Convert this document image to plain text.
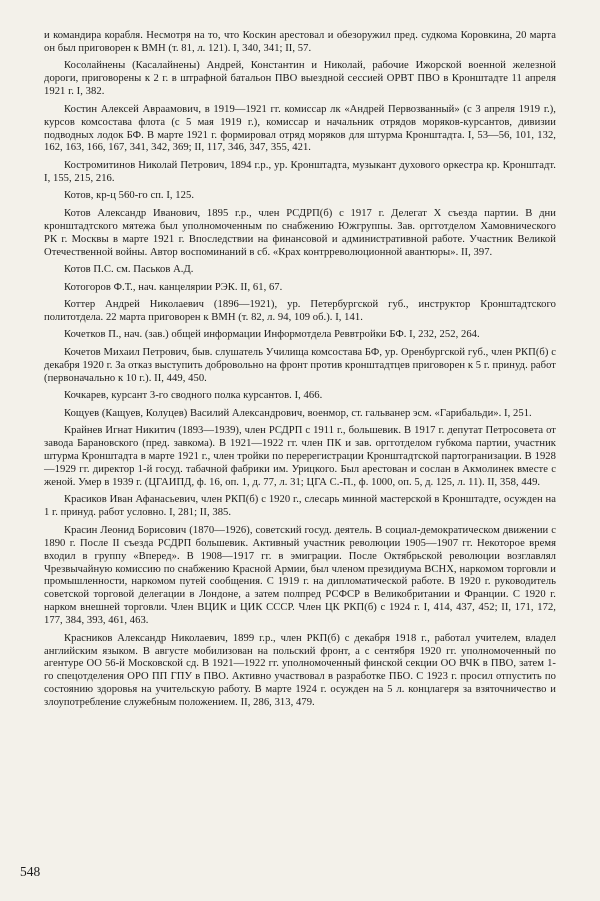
и командира корабля. Несмотря на то, что Коскин арестовал и обезоружил пред. судкома Коровкина, 20 марта он был приговорен к ВМН (т. 81, л. 121). I, 340, 341; II, 57.

Косолайнены (Касалайнены) Андрей, Константин и Николай, рабочие Ижорской военной железной дороги, приговорены к 2 г. в штрафной батальон ПВО выездной сессией ОРВТ ПВО в Кронштадте 11 апреля 1921 г. I, 382.

Костин Алексей Авраамович, в 1919—1921 гг. комиссар лк «Андрей Первозванный» (с 3 апреля 1919 г.), курсов комсостава флота (с 5 мая 1919 г.), комиссар и начальник отрядов моряков-курсантов, дивизии подводных лодок БФ. В марте 1921 г. формировал отряд моряков для штурма Кронштадта. I, 53—56, 101, 132, 162, 163, 166, 167, 341, 342, 369; II, 117, 346, 347, 355, 421.

Костромитинов Николай Петрович, 1894 г.р., ур. Кронштадта, музыкант духового оркестра кр. Кронштадт. I, 155, 215, 216.

Котов, кр-ц 560-го сп. I, 125.

Котов Александр Иванович, 1895 г.р., член РСДРП(б) с 1917 г. Делегат X съезда партии. В дни кронштадтского мятежа был уполномоченным по снабжению Южгруппы. Зав. оргготделом Хамовнического РК г. Москвы в марте 1921 г. Впоследствии на финансовой и административной работе. Участник Великой Отечественной войны. Автор воспоминаний в сб. «Крах контрреволюционной авантюры». II, 397.

Котов П.С. см. Паськов А.Д.

Котогоров Ф.Т., нач. канцелярии РЭК. II, 61, 67.

Коттер Андрей Николаевич (1896—1921), ур. Петербургской губ., инструктор Кронштадтского политотдела. 22 марта приговорен к ВМН (т. 82, л. 94, 109 об.). I, 141.

Кочетков П., нач. (зав.) общей информации Информотдела Реввтройки БФ. I, 232, 252, 264.

Кочетов Михаил Петрович, быв. слушатель Училища комсостава БФ, ур. Оренбургской губ., член РКП(б) с декабря 1920 г. За отказ выступить добровольно на фронт против кронштадтцев приговорен к 5 г. принуд. работ (первоначально к 10 г.). II, 449, 450.

Кочкарев, курсант 3-го сводного полка курсантов. I, 466.

Кощуев (Кащуев, Колуцев) Василий Александрович, военмор, ст. гальванер эсм. «Гарибальди». I, 251.

Крайнев Игнат Никитич (1893—1939), член РСДРП с 1911 г., большевик. В 1917 г. депутат Петросовета от завода Барановского (пред. завкома). В 1921—1922 гг. член ПК и зав. оргготделом губкома партии, участник штурма Кронштадта в марте 1921 г., член тройки по перерегистрации Кронштадтской партогранизации. В 1928—1929 гг. директор 1-й госуд. табачной фабрики им. Урицкого. Был арестован и сослан в Акмолинек вместе с женой. Умер в 1939 г. (ЦГАИПД, ф. 16, оп. 1, д. 77, л. 31; ЦГА С.-П., ф. 1000, оп. 5, д. 125, л. 11). II, 358, 449.

Красиков Иван Афанасьевич, член РКП(б) с 1920 г., слесарь минной мастерской в Кронштадте, осужден на 1 г. принуд. работ условно. I, 281; II, 385.

Красин Леонид Борисович (1870—1926), советский госуд. деятель. В социал-демократическом движении с 1890 г. После II съезда РСДРП большевик. Активный участник революции 1905—1907 гг. Некоторое время входил в группу «Вперед». В 1908—1917 гг. в эмиграции. После Октябрьской революции возглавлял Чрезвычайную комиссию по снабжению Красной Армии, был членом президиума ВСНХ, наркомом торговли и промышленности, наркомом путей сообщения. С 1919 г. на дипломатической работе. В 1920 г. руководитель советской торговой делегации в Лондоне, а затем полпред РСФСР в Великобритании и Франции. С 1920 г. нарком внешней торговли. Член ВЦИК и ЦИК СССР. Член ЦК РКП(б) с 1924 г. I, 414, 437, 452; II, 171, 172, 177, 384, 393, 461, 463.

Красников Александр Николаевич, 1899 г.р., член РКП(б) с декабря 1918 г., работал учителем, владел английским языком. В августе мобилизован на польский фронт, а с сентября 1920 гг. уполномоченный по агентуре ОО 56-й Московской сд. В 1921—1922 гг. уполномоченный финской секции ОО ВЧК в ПВО, затем 1-го спецотделения ОРО ПП ГПУ в ПВО. Активно участвовал в разработке ПБО. С 1923 г. просил отпустить по состоянию здоровья на учительскую работу. В марте 1924 г. осужден на 5 л. концлагеря за взяточничество и злоупотребление служебным положением. II, 286, 313, 479.

548
